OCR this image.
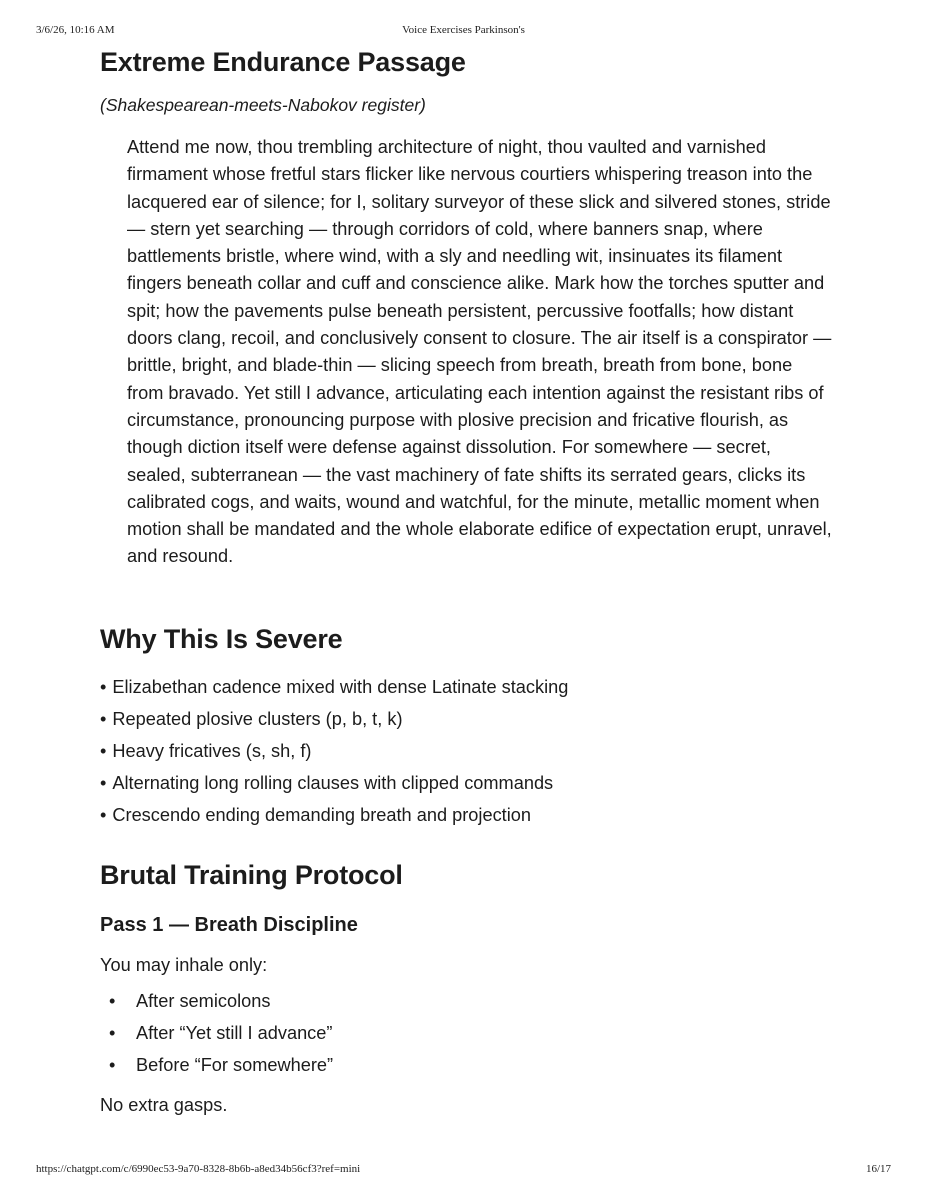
3/6/26, 10:16 AM	Voice Exercises Parkinson's
Extreme Endurance Passage

(Shakespearean-meets-Nabokov register)

Attend me now, thou trembling architecture of night, thou vaulted and varnished firmament whose fretful stars flicker like nervous courtiers whispering treason into the lacquered ear of silence; for I, solitary surveyor of these slick and silvered stones, stride — stern yet searching — through corridors of cold, where banners snap, where battlements bristle, where wind, with a sly and needling wit, insinuates its filament fingers beneath collar and cuff and conscience alike. Mark how the torches sputter and spit; how the pavements pulse beneath persistent, percussive footfalls; how distant doors clang, recoil, and conclusively consent to closure. The air itself is a conspirator — brittle, bright, and blade-thin — slicing speech from breath, breath from bone, bone from bravado. Yet still I advance, articulating each intention against the resistant ribs of circumstance, pronouncing purpose with plosive precision and fricative flourish, as though diction itself were defense against dissolution. For somewhere — secret, sealed, subterranean — the vast machinery of fate shifts its serrated gears, clicks its calibrated cogs, and waits, wound and watchful, for the minute, metallic moment when motion shall be mandated and the whole elaborate edifice of expectation erupt, unravel, and resound.
Why This Is Severe
• Elizabethan cadence mixed with dense Latinate stacking
• Repeated plosive clusters (p, b, t, k)
• Heavy fricatives (s, sh, f)
• Alternating long rolling clauses with clipped commands
• Crescendo ending demanding breath and projection
Brutal Training Protocol
Pass 1 — Breath Discipline

You may inhale only:

• After semicolons
• After “Yet still I advance”
• Before “For somewhere”

No extra gasps.

https://chatgpt.com/c/6990ec53-9a70-8328-8b6b-a8ed34b56cf3?ref=mini	16/17
